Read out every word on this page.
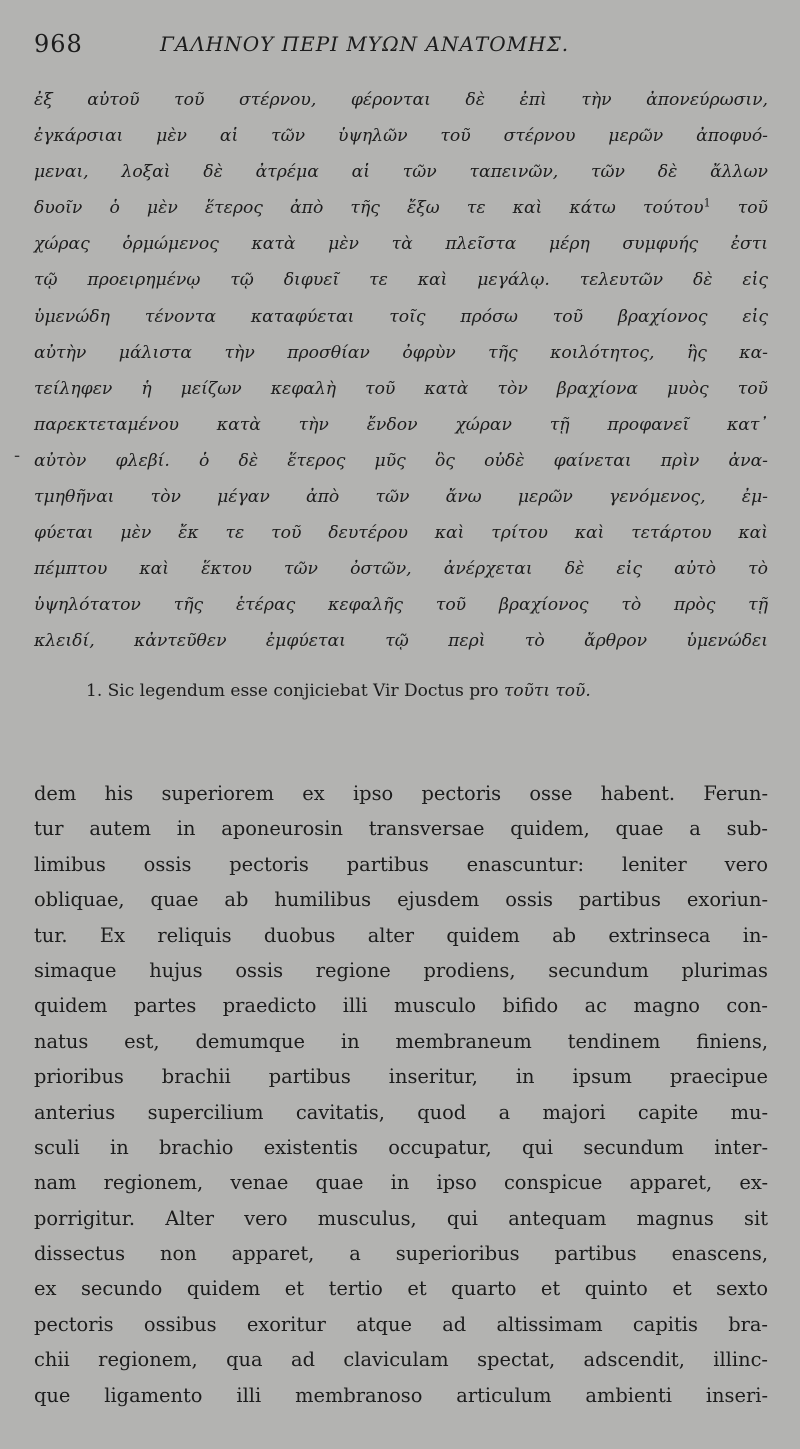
968	ΓΑΛΗΝΟΥ ΠΕΡΙ ΜΥΩΝ ΑΝΑΤΟΜΗΣ.
-
ἐξ αὐτοῦ τοῦ στέρνου, φέρονται δὲ ἐπὶ τὴν ἀπονεύρωσιν,
ἐγκάρσιαι μὲν αἱ τῶν ὑψηλῶν τοῦ στέρνου μερῶν ἀποφυό-
μεναι, λοξαὶ δὲ ἀτρέμα αἱ τῶν ταπεινῶν, τῶν δὲ ἄλλων
δυοῖν ὁ μὲν ἕτερος ἀπὸ τῆς ἔξω τε καὶ κάτω τούτου$^1$ τοῦ
χώρας ὁρμώμενος κατὰ μὲν τὰ πλεῖστα μέρη συμφυής ἐστι
τῷ προειρημένῳ τῷ διφυεῖ τε καὶ μεγάλῳ. τελευτῶν δὲ εἰς
ὑμενώδη τένοντα καταφύεται τοῖς πρόσω τοῦ βραχίονος εἰς
αὐτὴν μάλιστα τὴν προσθίαν ὀφρὺν τῆς κοιλότητος, ἣς κα-
τείληφεν ἡ μείζων κεφαλὴ τοῦ κατὰ τὸν βραχίονα μυὸς τοῦ
παρεκτεταμένου κατὰ τὴν ἔνδον χώραν τῇ προφανεῖ κατ᾽
αὐτὸν φλεβί. ὁ δὲ ἕτερος μῦς ὃς οὐδὲ φαίνεται πρὶν ἀνα-
τμηθῆναι τὸν μέγαν ἀπὸ τῶν ἄνω μερῶν γενόμενος, ἐμ-
φύεται μὲν ἔκ τε τοῦ δευτέρου καὶ τρίτου καὶ τετάρτου καὶ
πέμπτου καὶ ἕκτου τῶν ὀστῶν, ἀνέρχεται δὲ εἰς αὐτὸ τὸ
ὑψηλότατον τῆς ἑτέρας κεφαλῆς τοῦ βραχίονος τὸ πρὸς τῇ
κλειδί, κἀντεῦθεν ἐμφύεται τῷ περὶ τὸ ἄρθρον ὑμενώδει
1. Sic legendum esse conjiciebat Vir Doctus pro τοῦτι τοῦ.
dem his superiorem ex ipso pectoris osse habent. Ferun-
tur autem in aponeurosin transversae quidem, quae a sub-
limibus ossis pectoris partibus enascuntur: leniter vero
obliquae, quae ab humilibus ejusdem ossis partibus exoriun-
tur. Ex reliquis duobus alter quidem ab extrinseca in-
simaque hujus ossis regione prodiens, secundum plurimas
quidem partes praedicto illi musculo bifido ac magno con-
natus est, demumque in membraneum tendinem finiens,
prioribus brachii partibus inseritur, in ipsum praecipue
anterius supercilium cavitatis, quod a majori capite mu-
sculi in brachio existentis occupatur, qui secundum inter-
nam regionem, venae quae in ipso conspicue apparet, ex-
porrigitur. Alter vero musculus, qui antequam magnus sit
dissectus non apparet, a superioribus partibus enascens,
ex secundo quidem et tertio et quarto et quinto et sexto
pectoris ossibus exoritur atque ad altissimam capitis bra-
chii regionem, qua ad claviculam spectat, adscendit, illinc-
que ligamento illi membranoso articulum ambienti inseri-
